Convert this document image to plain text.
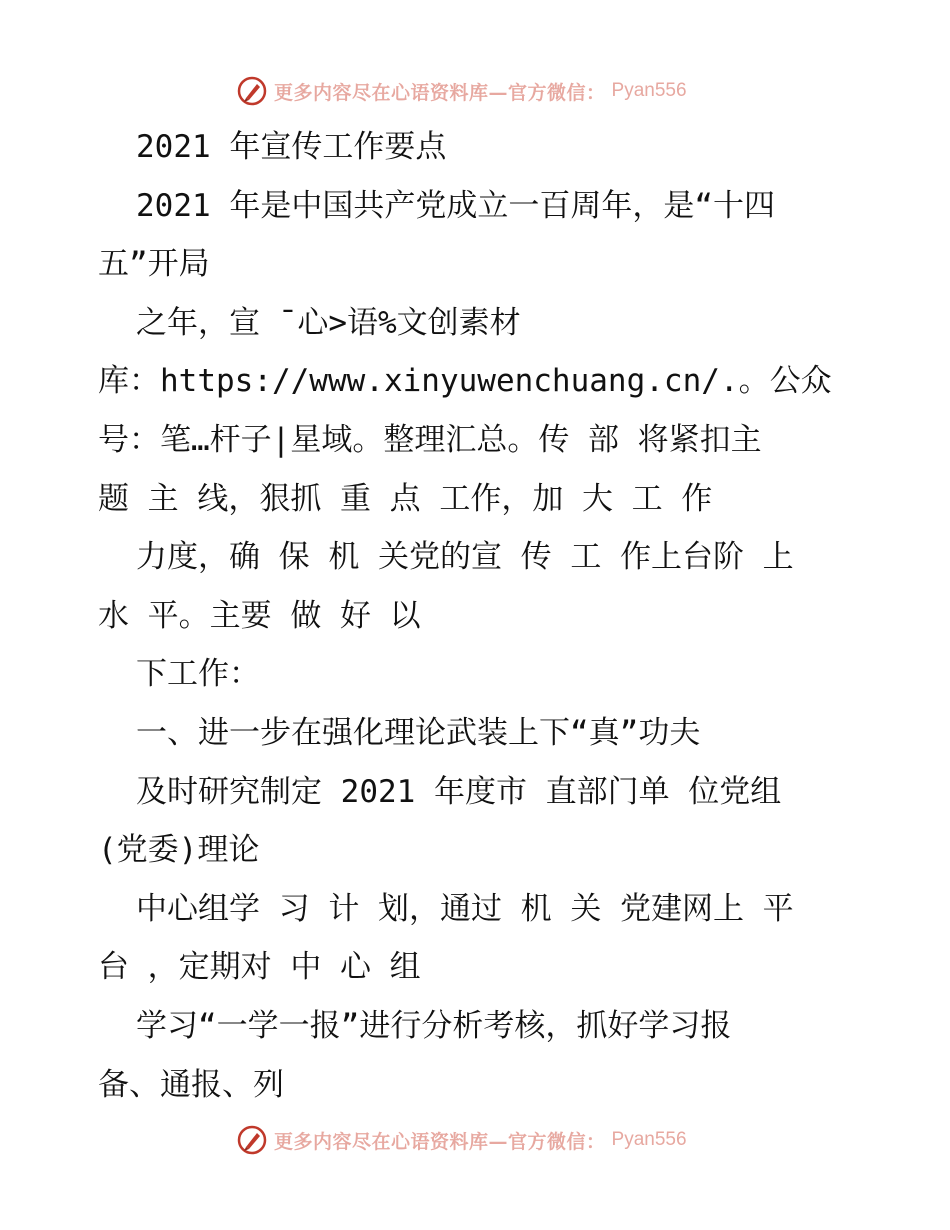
更多内容尽在心语资料库—官方微信： Pyan556
2021 年宣传工作要点
2021 年是中国共产党成立一百周年，是“十四
五”开局
之年，宣 ¯心>语%文创素材
库：https://www.xinyuwenchuang.cn/.。公众
号：笔…杆子|星域。整理汇总。传 部 将紧扣主
题 主 线，狠抓 重 点 工作，加 大 工 作
力度，确 保 机 关党的宣 传 工 作上台阶 上
水 平。主要 做 好 以
下工作：
一、进一步在强化理论武装上下“真”功夫
及时研究制定 2021 年度市 直部门单 位党组
(党委)理论
中心组学 习 计 划，通过 机 关 党建网上 平
台 ，定期对 中 心 组
学习“一学一报”进行分析考核，抓好学习报
备、通报、列
更多内容尽在心语资料库—官方微信： Pyan556
